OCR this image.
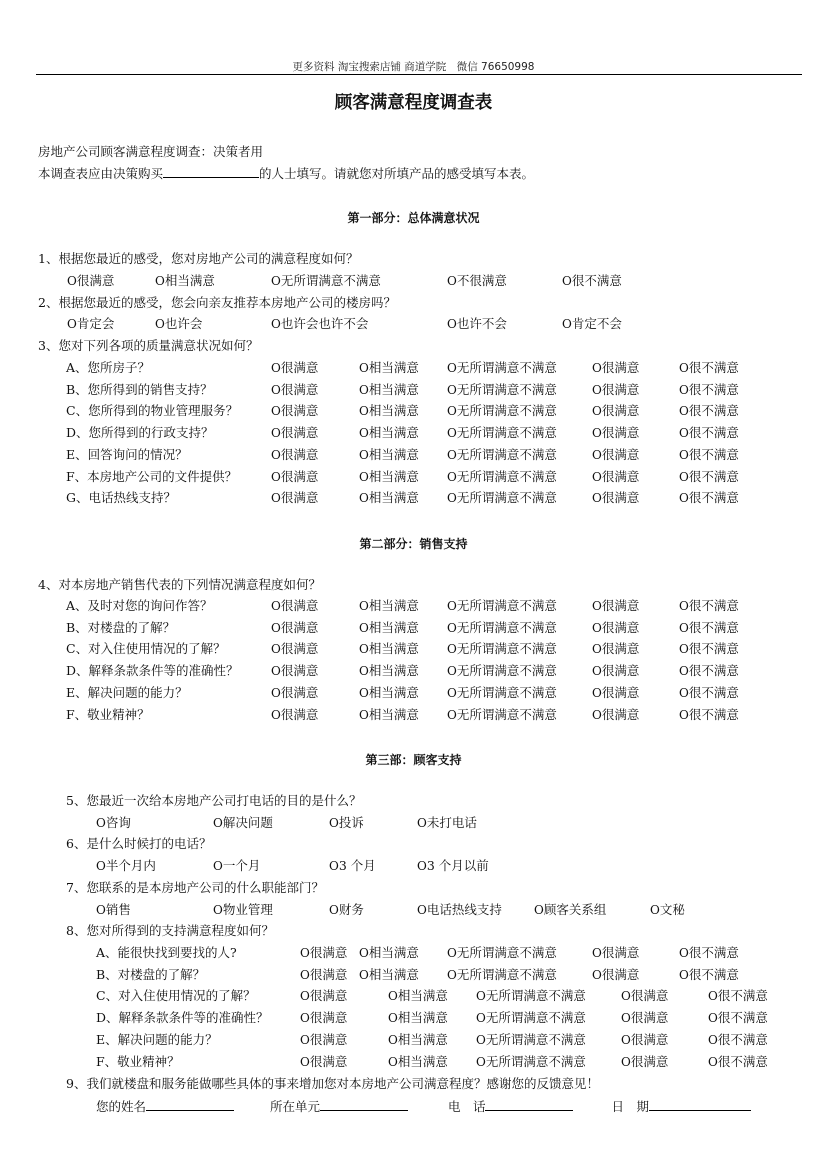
更多资料 淘宝搜索店铺 商道学院　微信 76650998
顾客满意程度调查表
房地产公司顾客满意程度调查：决策者用
本调查表应由决策购买	的人士填写。请就您对所填产品的感受填写本表。
第一部分：总体满意状况
第二部分：销售支持
第三部：顾客支持
1、根据您最近的感受，您对房地产公司的满意程度如何？
O很满意	O相当满意	O无所谓满意不满意	O不很满意	O很不满意
2、根据您最近的感受，您会向亲友推荐本房地产公司的楼房吗？
O肯定会	O也许会	O也许会也许不会	O也许不会	O肯定不会
3、您对下列各项的质量满意状况如何？
A、您所房子？	O很满意	O相当满意 O无所谓满意不满意	O很满意	O很不满意
B、您所得到的销售支持？	O很满意	O相当满意 O无所谓满意不满意	O很满意	O很不满意
C、您所得到的物业管理服务？	O很满意	O相当满意 O无所谓满意不满意	O很满意	O很不满意
D、您所得到的行政支持？	O很满意	O相当满意 O无所谓满意不满意	O很满意	O很不满意
E、回答询问的情况？	O很满意	O相当满意 O无所谓满意不满意	O很满意	O很不满意
F、本房地产公司的文件提供？	O很满意	O相当满意 O无所谓满意不满意	O很满意	O很不满意
G、电话热线支持？	O很满意	O相当满意 O无所谓满意不满意	O很满意	O很不满意
4、对本房地产销售代表的下列情况满意程度如何？
A、及时对您的询问作答？	O很满意	O相当满意 O无所谓满意不满意	O很满意	O很不满意
B、对楼盘的了解？	O很满意	O相当满意 O无所谓满意不满意	O很满意	O很不满意
C、对入住使用情况的了解？	O很满意	O相当满意 O无所谓满意不满意	O很满意	O很不满意
D、解释条款条件等的准确性？	O很满意	O相当满意 O无所谓满意不满意	O很满意	O很不满意
E、解决问题的能力？	O很满意	O相当满意 O无所谓满意不满意	O很满意	O很不满意
F、敬业精神？	O很满意	O相当满意 O无所谓满意不满意	O很满意	O很不满意
5、您最近一次给本房地产公司打电话的目的是什么？
O咨询	O解决问题	O投诉	O未打电话
6、是什么时候打的电话？
O半个月内	O一个月	O3 个月	O3 个月以前
7、您联系的是本房地产公司的什么职能部门？
O销售	O物业管理	O财务	O电话热线支持	O顾客关系组	O文秘
8、您对所得到的支持满意程度如何？
A、能很快找到要找的人?	O很满意 O相当满意 O无所谓满意不满意	O很满意	O很不满意
B、对楼盘的了解？	O很满意 O相当满意 O无所谓满意不满意	O很满意	O很不满意
C、对入住使用情况的了解？	O很满意	O相当满意 O无所谓满意不满意	O很满意	O很不满意
D、解释条款条件等的准确性？	O很满意	O相当满意 O无所谓满意不满意	O很满意	O很不满意
E、解决问题的能力？	O很满意	O相当满意 O无所谓满意不满意	O很满意	O很不满意
F、敬业精神？	O很满意	O相当满意 O无所谓满意不满意	O很满意	O很不满意
9、我们就楼盘和服务能做哪些具体的事来增加您对本房地产公司满意程度？感谢您的反馈意见！
您的姓名	所在单元	电　话	日　期
